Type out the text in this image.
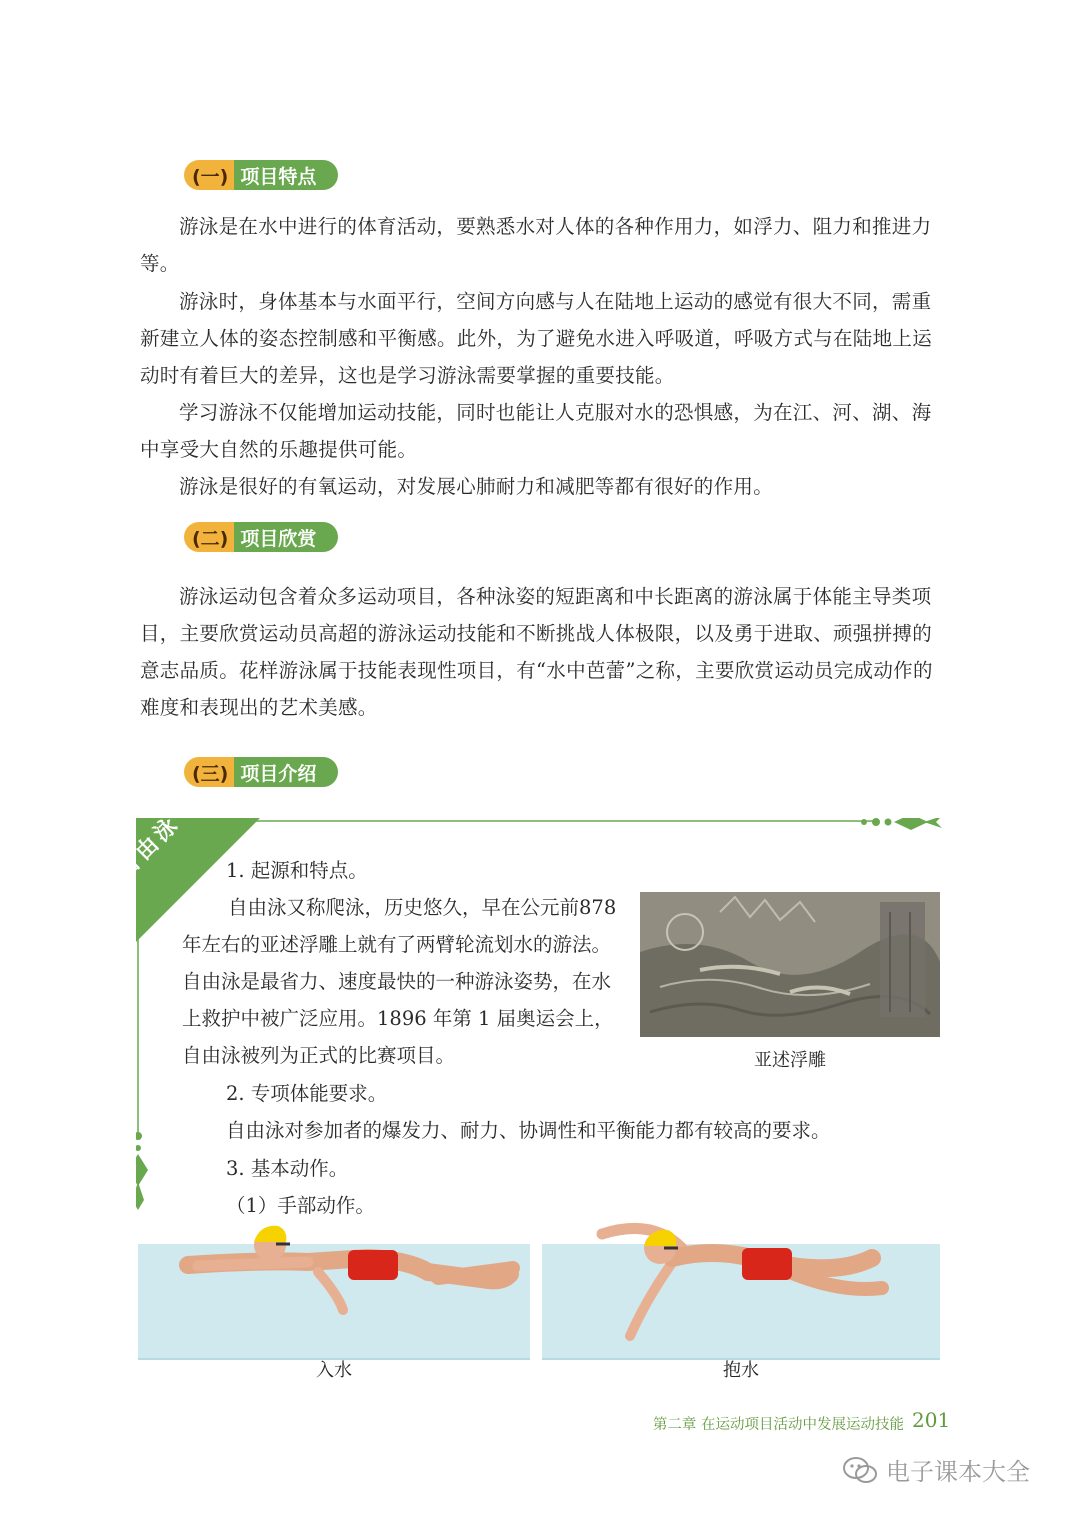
(一) 项目特点

游泳是在水中进行的体育活动，要熟悉水对人体的各种作用力，如浮力、阻力和推进力等。

游泳时，身体基本与水面平行，空间方向感与人在陆地上运动的感觉有很大不同，需重新建立人体的姿态控制感和平衡感。此外，为了避免水进入呼吸道，呼吸方式与在陆地上运动时有着巨大的差异，这也是学习游泳需要掌握的重要技能。

学习游泳不仅能增加运动技能，同时也能让人克服对水的恐惧感，为在江、河、湖、海中享受大自然的乐趣提供可能。

游泳是很好的有氧运动，对发展心肺耐力和减肥等都有很好的作用。

(二) 项目欣赏

游泳运动包含着众多运动项目，各种泳姿的短距离和中长距离的游泳属于体能主导类项目，主要欣赏运动员高超的游泳运动技能和不断挑战人体极限，以及勇于进取、顽强拼搏的意志品质。花样游泳属于技能表现性项目，有“水中芭蕾”之称，主要欣赏运动员完成动作的难度和表现出的艺术美感。

(三) 项目介绍
自由泳	1. 起源和特点。

自由泳又称爬泳，历史悠久，早在公元前878 年左右的亚述浮雕上就有了两臂轮流划水的游法。自由泳是最省力、速度最快的一种游泳姿势，在水上救护中被广泛应用。1896 年第 1 届奥运会上，自由泳被列为正式的比赛项目。	亚述浮雕

2. 专项体能要求。

自由泳对参加者的爆发力、耐力、协调性和平衡能力都有较高的要求。

3. 基本动作。

（1）手部动作。

入水	抱水
第二章 在运动项目活动中发展运动技能 201
电子课本大全
